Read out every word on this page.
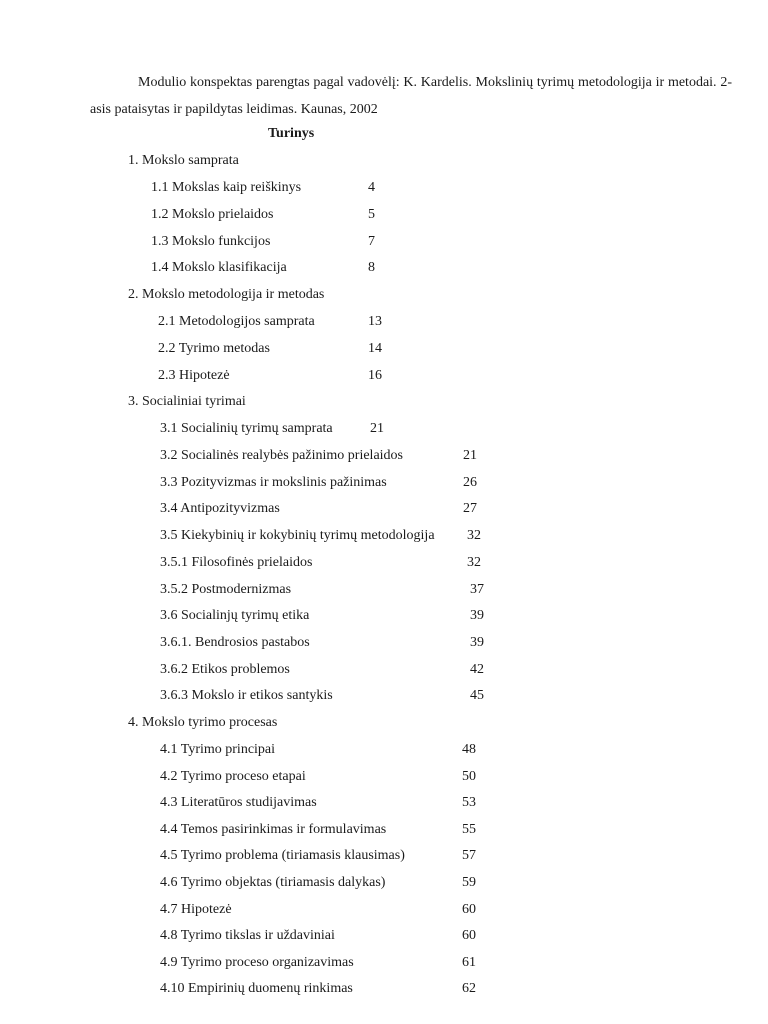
Modulio konspektas parengtas pagal vadovėlį: K. Kardelis. Mokslinių tyrimų metodologija ir metodai. 2-asis pataisytas ir papildytas leidimas. Kaunas, 2002

Turinys

1. Mokslo samprata
1.1 Mokslas kaip reiškinys	4
1.2 Mokslo prielaidos	5
1.3 Mokslo funkcijos	7
1.4 Mokslo klasifikacija	8
2. Mokslo metodologija ir metodas
2.1 Metodologijos samprata	13
2.2 Tyrimo metodas	14
2.3 Hipotezė	16
3. Socialiniai tyrimai
3.1 Socialinių tyrimų samprata	21
3.2 Socialinės realybės pažinimo prielaidos	21
3.3 Pozityvizmas ir mokslinis pažinimas	26
3.4 Antipozityvizmas	27
3.5 Kiekybinių ir kokybinių tyrimų metodologija 32
3.5.1 Filosofinės prielaidos	32
3.5.2 Postmodernizmas	37
3.6 Socialinjų tyrimų etika	39
3.6.1. Bendrosios pastabos	39
3.6.2 Etikos problemos	42
3.6.3 Mokslo ir etikos santykis	45
4. Mokslo tyrimo procesas
4.1 Tyrimo principai	48
4.2 Tyrimo proceso etapai	50
4.3 Literatūros studijavimas	53
4.4 Temos pasirinkimas ir formulavimas	55
4.5 Tyrimo problema (tiriamasis klausimas)	57
4.6 Tyrimo objektas (tiriamasis dalykas)	59
4.7 Hipotezė	60
4.8 Tyrimo tikslas ir uždaviniai	60
4.9 Tyrimo proceso organizavimas	61
4.10 Empirinių duomenų rinkimas	62
